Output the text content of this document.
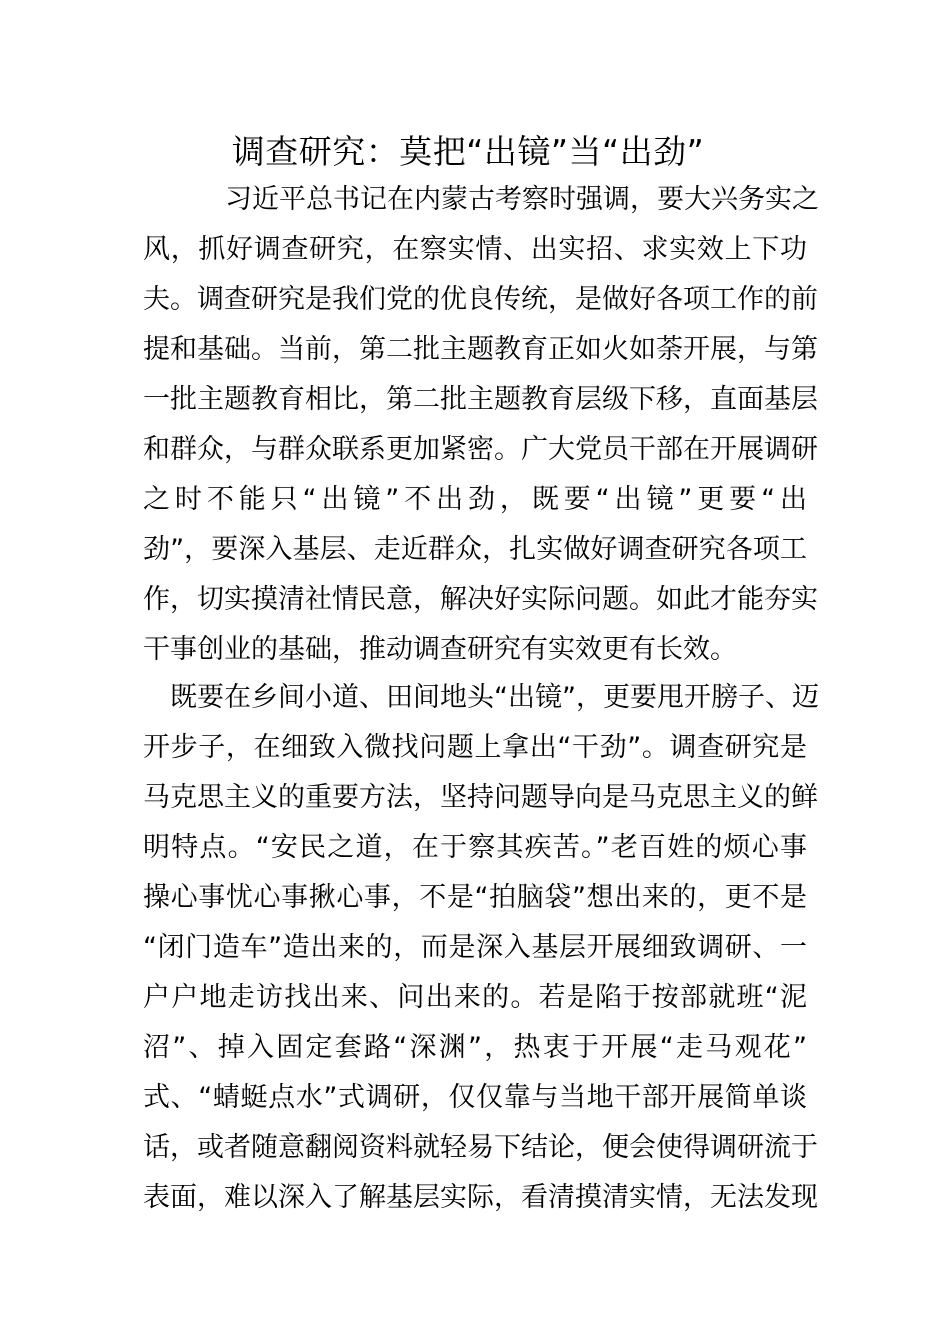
调查研究：莫把“出镜”当“出劲”
习近平总书记在内蒙古考察时强调，要大兴务实之
风，抓好调查研究，在察实情、出实招、求实效上下功
夫。调查研究是我们党的优良传统，是做好各项工作的前
提和基础。当前，第二批主题教育正如火如荼开展，与第
一批主题教育相比，第二批主题教育层级下移，直面基层
和群众，与群众联系更加紧密。广大党员干部在开展调研
之时不能只“出镜”不出劲，既要“出镜”更要“出
劲”，要深入基层、走近群众，扎实做好调查研究各项工
作，切实摸清社情民意，解决好实际问题。如此才能夯实
干事创业的基础，推动调查研究有实效更有长效。
既要在乡间小道、田间地头“出镜”，更要甩开膀子、迈
开步子，在细致入微找问题上拿出“干劲”。调查研究是
马克思主义的重要方法，坚持问题导向是马克思主义的鲜
明特点。“安民之道，在于察其疾苦。”老百姓的烦心事
操心事忧心事揪心事，不是“拍脑袋”想出来的，更不是
“闭门造车”造出来的，而是深入基层开展细致调研、一
户户地走访找出来、问出来的。若是陷于按部就班“泥
沼”、掉入固定套路“深渊”，热衷于开展“走马观花”
式、“蜻蜓点水”式调研，仅仅靠与当地干部开展简单谈
话，或者随意翻阅资料就轻易下结论，便会使得调研流于
表面，难以深入了解基层实际，看清摸清实情，无法发现
